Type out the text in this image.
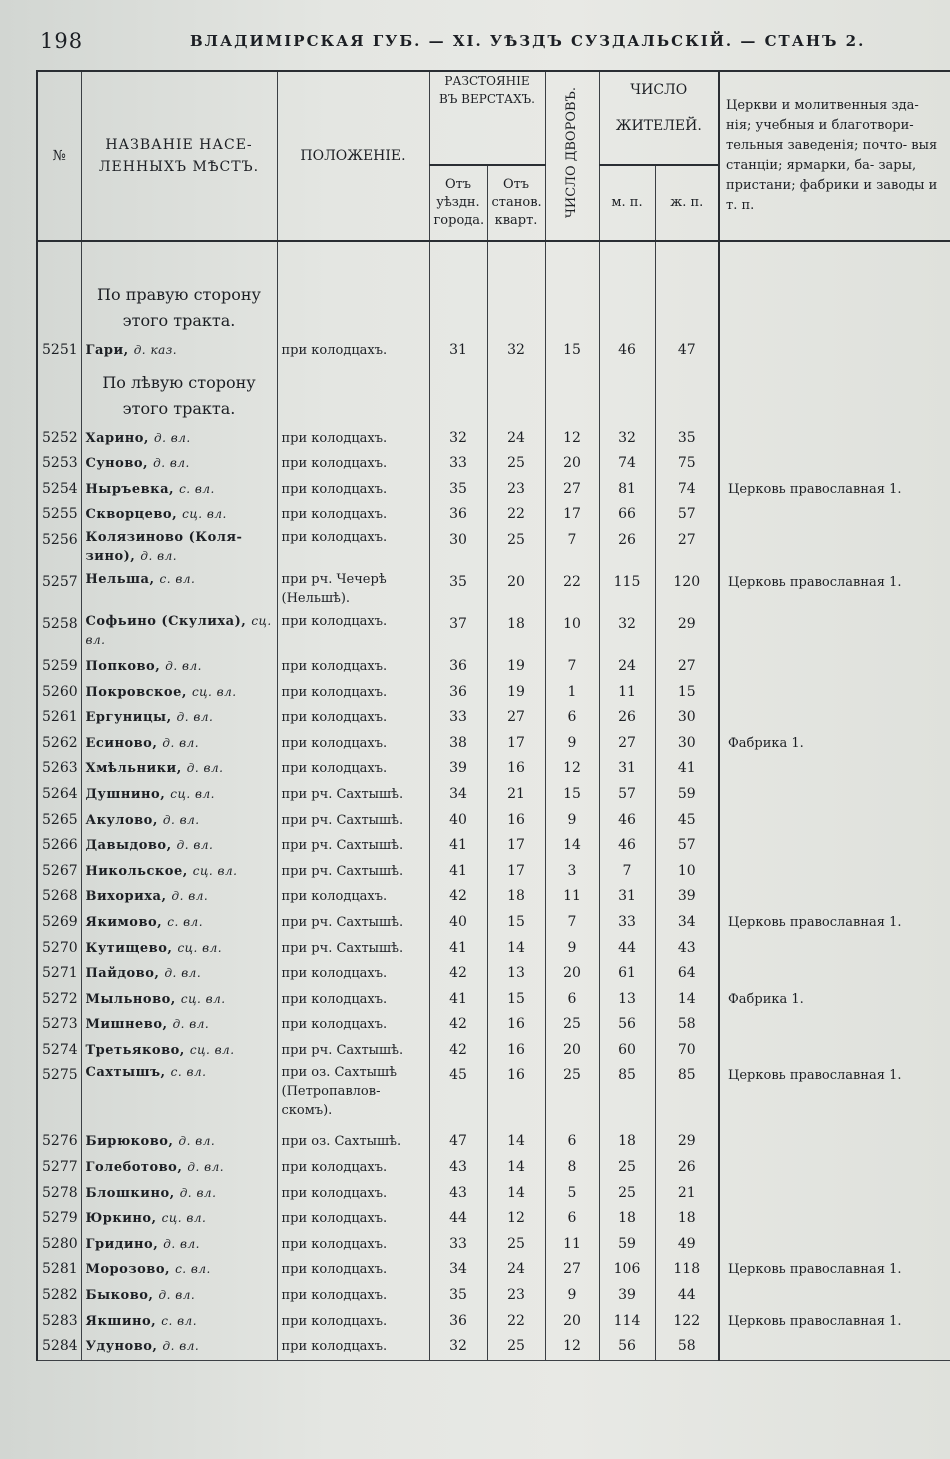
198	ВЛАДИМІРСКАЯ ГУБ. — XI. УѢЗДЪ СУЗДАЛЬСКІЙ. — СТАНЪ 2.
№	НАЗВАНІЕ НАСЕ- ЛЕННЫХЪ МѢСТЪ.	ПОЛОЖЕНІЕ.	РАЗСТОЯНІЕ ВЪ ВЕРСТАХЪ.		ЧИСЛО ДВОРОВЪ.	ЧИСЛО ЖИТЕЛЕЙ.		Церкви и молитвенныя зда- нія; учебныя и благотвори- тельныя заведенія; почто- выя станціи; ярмарки, ба- зары, пристани; фабрики и заводы и т. п.
			Отъ уѣздн. города.	Отъ станов. кварт.		м. п.	ж. п.	
	По правую сторону этого тракта.							
5251	Гари, д. каз.	при колодцахъ.	31	32	15	46	47	
	По лѣвую сторону этого тракта.							
5252	Харино, д. вл.	при колодцахъ.	32	24	12	32	35	
5253	Суново, д. вл.	при колодцахъ.	33	25	20	74	75	
5254	Ныръевка, с. вл.	при колодцахъ.	35	23	27	81	74	Церковь православная 1.
5255	Скворцево, сц. вл.	при колодцахъ.	36	22	17	66	57	
5256	Колязиново (Коля- зино), д. вл.	при колодцахъ.	30	25	7	26	27	
5257	Нельша, с. вл.	при рч. Чечерѣ (Нельшѣ).	35	20	22	115	120	Церковь православная 1.
5258	Софьино (Скулиха), сц. вл.	при колодцахъ.	37	18	10	32	29	
5259	Попково, д. вл.	при колодцахъ.	36	19	7	24	27	
5260	Покровское, сц. вл.	при колодцахъ.	36	19	1	11	15	
5261	Ергуницы, д. вл.	при колодцахъ.	33	27	6	26	30	
5262	Есиново, д. вл.	при колодцахъ.	38	17	9	27	30	Фабрика 1.
5263	Хмѣльники, д. вл.	при колодцахъ.	39	16	12	31	41	
5264	Душнино, сц. вл.	при рч. Сахтышѣ.	34	21	15	57	59	
5265	Акулово, д. вл.	при рч. Сахтышѣ.	40	16	9	46	45	
5266	Давыдово, д. вл.	при рч. Сахтышѣ.	41	17	14	46	57	
5267	Никольское, сц. вл.	при рч. Сахтышѣ.	41	17	3	7	10	
5268	Вихориха, д. вл.	при колодцахъ.	42	18	11	31	39	
5269	Якимово, с. вл.	при рч. Сахтышѣ.	40	15	7	33	34	Церковь православная 1.
5270	Кутищево, сц. вл.	при рч. Сахтышѣ.	41	14	9	44	43	
5271	Пайдово, д. вл.	при колодцахъ.	42	13	20	61	64	
5272	Мыльново, сц. вл.	при колодцахъ.	41	15	6	13	14	Фабрика 1.
5273	Мишнево, д. вл.	при колодцахъ.	42	16	25	56	58	
5274	Третьяково, сц. вл.	при рч. Сахтышѣ.	42	16	20	60	70	
5275	Сахтышъ, с. вл.	при оз. Сахтышѣ (Петропавлов- скомъ).	45	16	25	85	85	Церковь православная 1.
5276	Бирюково, д. вл.	при оз. Сахтышѣ.	47	14	6	18	29	
5277	Голеботово, д. вл.	при колодцахъ.	43	14	8	25	26	
5278	Блошкино, д. вл.	при колодцахъ.	43	14	5	25	21	
5279	Юркино, сц. вл.	при колодцахъ.	44	12	6	18	18	
5280	Гридино, д. вл.	при колодцахъ.	33	25	11	59	49	
5281	Морозово, с. вл.	при колодцахъ.	34	24	27	106	118	Церковь православная 1.
5282	Быково, д. вл.	при колодцахъ.	35	23	9	39	44	
5283	Якшино, с. вл.	при колодцахъ.	36	22	20	114	122	Церковь православная 1.
5284	Удуново, д. вл.	при колодцахъ.	32	25	12	56	58	
